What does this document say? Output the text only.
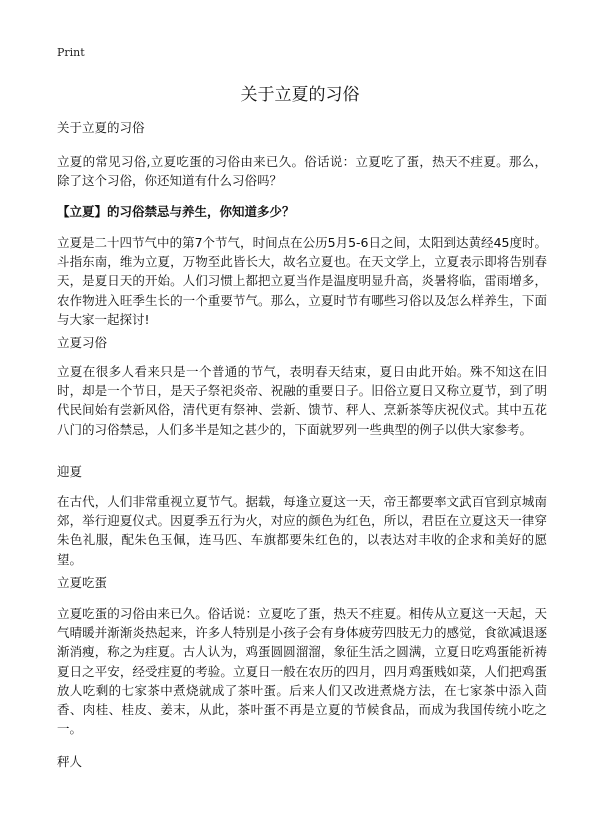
Print
关于立夏的习俗

关于立夏的习俗

立夏的常见习俗,立夏吃蛋的习俗由来已久。俗话说：立夏吃了蛋，热天不疰夏。那么，除了这个习俗，你还知道有什么习俗吗？

【立夏】的习俗禁忌与养生，你知道多少？

立夏是二十四节气中的第7个节气，时间点在公历5月5-6日之间，太阳到达黄经45度时。斗指东南，维为立夏，万物至此皆长大，故名立夏也。在天文学上，立夏表示即将告别春天，是夏日天的开始。人们习惯上都把立夏当作是温度明显升高，炎暑将临，雷雨增多，农作物进入旺季生长的一个重要节气。那么，立夏时节有哪些习俗以及怎么样养生，下面与大家一起探讨!

立夏习俗

立夏在很多人看来只是一个普通的节气，表明春天结束，夏日由此开始。殊不知这在旧时，却是一个节日，是天子祭祀炎帝、祝融的重要日子。旧俗立夏日又称立夏节，到了明代民间始有尝新风俗，清代更有祭神、尝新、馈节、秤人、烹新茶等庆祝仪式。其中五花八门的习俗禁忌，人们多半是知之甚少的，下面就罗列一些典型的例子以供大家参考。

迎夏

在古代，人们非常重视立夏节气。据载，每逢立夏这一天，帝王都要率文武百官到京城南郊，举行迎夏仪式。因夏季五行为火，对应的颜色为红色，所以，君臣在立夏这天一律穿朱色礼服，配朱色玉佩，连马匹、车旗都要朱红色的，以表达对丰收的企求和美好的愿望。

立夏吃蛋

立夏吃蛋的习俗由来已久。俗话说：立夏吃了蛋，热天不疰夏。相传从立夏这一天起，天气晴暖并渐渐炎热起来，许多人特别是小孩子会有身体疲劳四肢无力的感觉，食欲减退逐渐消瘦，称之为疰夏。古人认为，鸡蛋圆圆溜溜，象征生活之圆满，立夏日吃鸡蛋能祈祷夏日之平安，经受疰夏的考验。立夏日一般在农历的四月，四月鸡蛋贱如菜，人们把鸡蛋放人吃剩的七家茶中煮烧就成了茶叶蛋。后来人们又改进煮烧方法，在七家茶中添入茴香、肉桂、桂皮、姜末，从此，茶叶蛋不再是立夏的节候食品，而成为我国传统小吃之一。

秤人
